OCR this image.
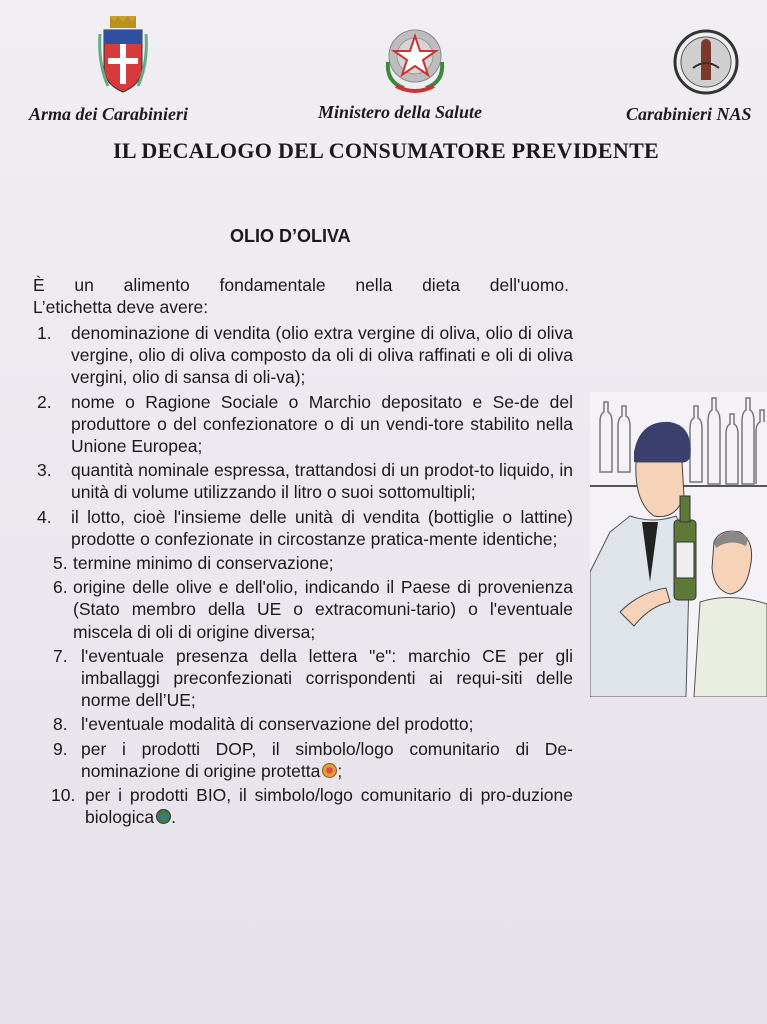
Arma dei Carabinieri	Ministero della Salute	Carabinieri NAS
IL DECALOGO DEL CONSUMATORE PREVIDENTE
OLIO D’OLIVA
È un alimento fondamentale nella dieta dell'uomo.
L’etichetta deve avere:
1. denominazione di vendita (olio extra vergine di oliva, olio di oliva vergine, olio di oliva composto da oli di oliva raffinati e oli di oliva vergini, olio di sansa di oli-va);
2. nome o Ragione Sociale o Marchio depositato e Se-de del produttore o del confezionatore o di un vendi-tore stabilito nella Unione Europea;
3. quantità nominale espressa, trattandosi di un prodot-to liquido, in unità di volume utilizzando il litro o suoi sottomultipli;
4. il lotto, cioè l'insieme delle unità di vendita (bottiglie o lattine) prodotte o confezionate in circostanze pratica-mente identiche;
5. termine minimo di conservazione;
6. origine delle olive e dell'olio, indicando il Paese di provenienza (Stato membro della UE o extracomuni-tario) o l'eventuale miscela di oli di origine diversa;
7. l'eventuale presenza della lettera "e": marchio CE per gli imballaggi preconfezionati corrispondenti ai requi-siti delle norme dell’UE;
8. l'eventuale modalità di conservazione del prodotto;
9. per i prodotti DOP, il simbolo/logo comunitario di De-nominazione di origine protetta ;
10. per i prodotti BIO, il simbolo/logo comunitario di pro-duzione biologica .
